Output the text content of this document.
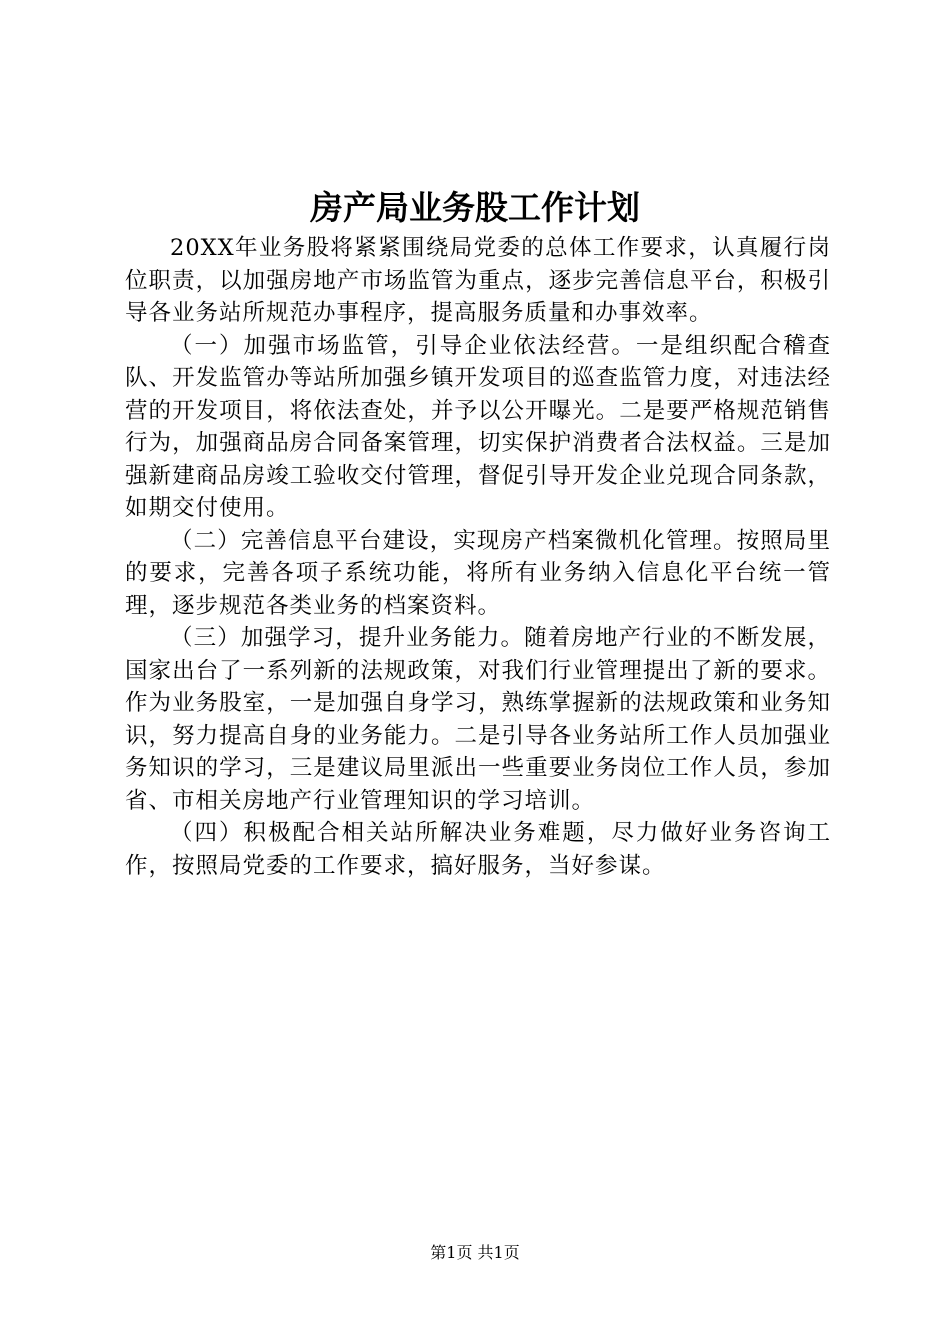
房产局业务股工作计划

20XX年业务股将紧紧围绕局党委的总体工作要求，认真履行岗位职责，以加强房地产市场监管为重点，逐步完善信息平台，积极引导各业务站所规范办事程序，提高服务质量和办事效率。

（一）加强市场监管，引导企业依法经营。一是组织配合稽查队、开发监管办等站所加强乡镇开发项目的巡查监管力度，对违法经营的开发项目，将依法查处，并予以公开曝光。二是要严格规范销售行为，加强商品房合同备案管理，切实保护消费者合法权益。三是加强新建商品房竣工验收交付管理，督促引导开发企业兑现合同条款，如期交付使用。

（二）完善信息平台建设，实现房产档案微机化管理。按照局里的要求，完善各项子系统功能，将所有业务纳入信息化平台统一管理，逐步规范各类业务的档案资料。

（三）加强学习，提升业务能力。随着房地产行业的不断发展，国家出台了一系列新的法规政策，对我们行业管理提出了新的要求。作为业务股室，一是加强自身学习，熟练掌握新的法规政策和业务知识，努力提高自身的业务能力。二是引导各业务站所工作人员加强业务知识的学习，三是建议局里派出一些重要业务岗位工作人员，参加省、市相关房地产行业管理知识的学习培训。

（四）积极配合相关站所解决业务难题，尽力做好业务咨询工作，按照局党委的工作要求，搞好服务，当好参谋。

第1页 共1页
